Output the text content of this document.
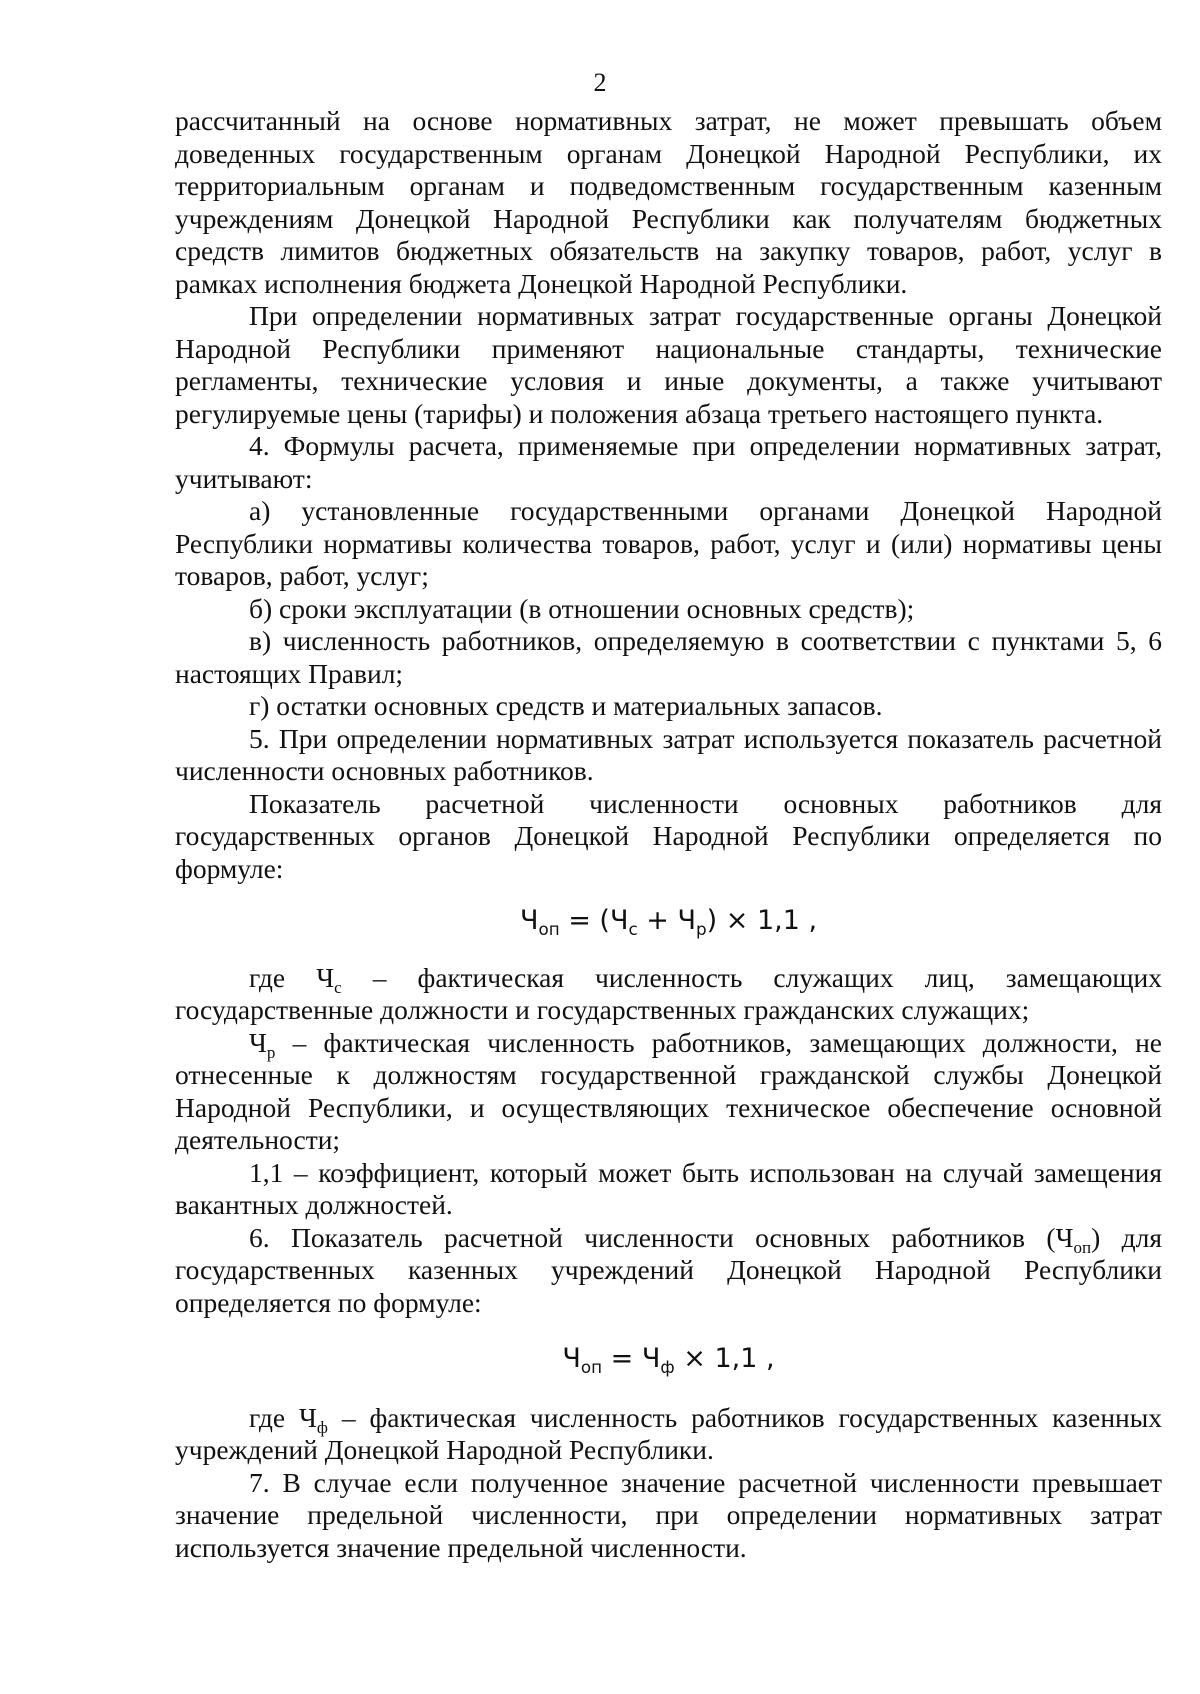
2

рассчитанный на основе нормативных затрат, не может превышать объем доведенных государственным органам Донецкой Народной Республики, их территориальным органам и подведомственным государственным казенным учреждениям Донецкой Народной Республики как получателям бюджетных средств лимитов бюджетных обязательств на закупку товаров, работ, услуг в рамках исполнения бюджета Донецкой Народной Республики.

При определении нормативных затрат государственные органы Донецкой Народной Республики применяют национальные стандарты, технические регламенты, технические условия и иные документы, а также учитывают регулируемые цены (тарифы) и положения абзаца третьего настоящего пункта.

4. Формулы расчета, применяемые при определении нормативных затрат, учитывают:

а) установленные государственными органами Донецкой Народной Республики нормативы количества товаров, работ, услуг и (или) нормативы цены товаров, работ, услуг;

б) сроки эксплуатации (в отношении основных средств);

в) численность работников, определяемую в соответствии с пунктами 5, 6 настоящих Правил;

г) остатки основных средств и материальных запасов.

5. При определении нормативных затрат используется показатель расчетной численности основных работников.

Показатель расчетной численности основных работников для государственных органов Донецкой Народной Республики определяется по формуле:

$Ч_{оп} = (Ч_с + Ч_р) \times 1,1$ ,

где $Ч_с$ – фактическая численность служащих лиц, замещающих государственные должности и государственных гражданских служащих;

$Ч_р$ – фактическая численность работников, замещающих должности, не отнесенные к должностям государственной гражданской службы Донецкой Народной Республики, и осуществляющих техническое обеспечение основной деятельности;

1,1 – коэффициент, который может быть использован на случай замещения вакантных должностей.

6. Показатель расчетной численности основных работников $(Ч_{оп})$ для государственных казенных учреждений Донецкой Народной Республики определяется по формуле:

$Ч_{оп} = Ч_ф \times 1,1$ ,

где $Ч_ф$ – фактическая численность работников государственных казенных учреждений Донецкой Народной Республики.

7. В случае если полученное значение расчетной численности превышает значение предельной численности, при определении нормативных затрат используется значение предельной численности.
